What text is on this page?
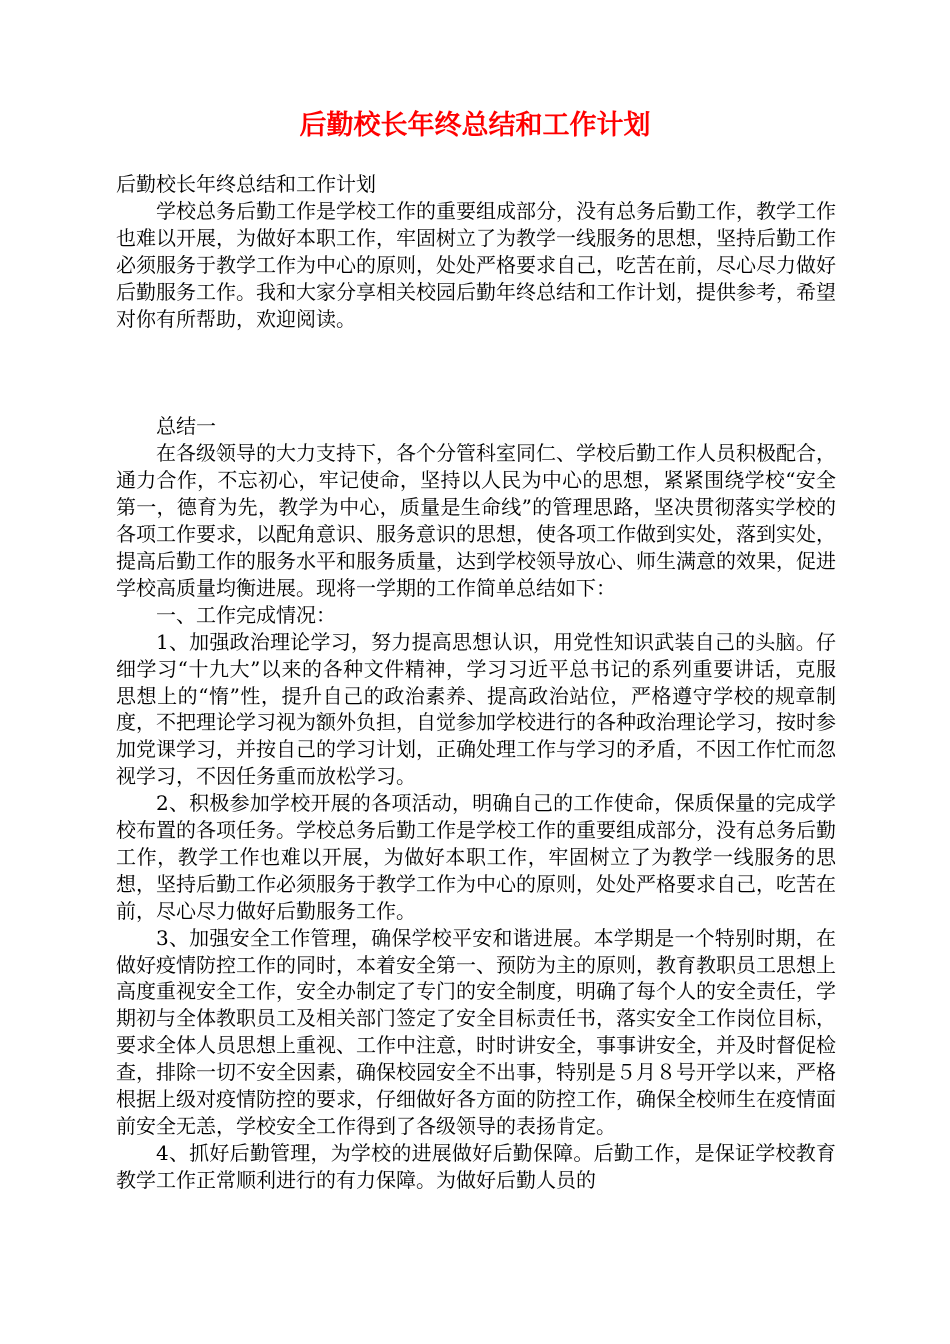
后勤校长年终总结和工作计划

后勤校长年终总结和工作计划

学校总务后勤工作是学校工作的重要组成部分，没有总务后勤工作，教学工作也难以开展，为做好本职工作，牢固树立了为教学一线服务的思想，坚持后勤工作必须服务于教学工作为中心的原则，处处严格要求自己，吃苦在前，尽心尽力做好后勤服务工作。我和大家分享相关校园后勤年终总结和工作计划，提供参考，希望对你有所帮助，欢迎阅读。

总结一

在各级领导的大力支持下，各个分管科室同仁、学校后勤工作人员积极配合，通力合作，不忘初心，牢记使命，坚持以人民为中心的思想，紧紧围绕学校“安全第一，德育为先，教学为中心，质量是生命线”的管理思路，坚决贯彻落实学校的各项工作要求，以配角意识、服务意识的思想，使各项工作做到实处，落到实处，提高后勤工作的服务水平和服务质量，达到学校领导放心、师生满意的效果，促进学校高质量均衡进展。现将一学期的工作简单总结如下：

一、工作完成情况：

1、加强政治理论学习，努力提高思想认识，用党性知识武装自己的头脑。仔细学习“十九大”以来的各种文件精神，学习习近平总书记的系列重要讲话，克服思想上的“惰”性，提升自己的政治素养、提高政治站位，严格遵守学校的规章制度，不把理论学习视为额外负担，自觉参加学校进行的各种政治理论学习，按时参加党课学习，并按自己的学习计划，正确处理工作与学习的矛盾，不因工作忙而忽视学习，不因任务重而放松学习。

2、积极参加学校开展的各项活动，明确自己的工作使命，保质保量的完成学校布置的各项任务。学校总务后勤工作是学校工作的重要组成部分，没有总务后勤工作，教学工作也难以开展，为做好本职工作，牢固树立了为教学一线服务的思想，坚持后勤工作必须服务于教学工作为中心的原则，处处严格要求自己，吃苦在前，尽心尽力做好后勤服务工作。

3、加强安全工作管理，确保学校平安和谐进展。本学期是一个特别时期，在做好疫情防控工作的同时，本着安全第一、预防为主的原则，教育教职员工思想上高度重视安全工作，安全办制定了专门的安全制度，明确了每个人的安全责任，学期初与全体教职员工及相关部门签定了安全目标责任书，落实安全工作岗位目标，要求全体人员思想上重视、工作中注意，时时讲安全，事事讲安全，并及时督促检查，排除一切不安全因素，确保校园安全不出事，特别是５月８号开学以来，严格根据上级对疫情防控的要求，仔细做好各方面的防控工作，确保全校师生在疫情面前安全无恙，学校安全工作得到了各级领导的表扬肯定。

4、抓好后勤管理，为学校的进展做好后勤保障。后勤工作，是保证学校教育教学工作正常顺利进行的有力保障。为做好后勤人员的
